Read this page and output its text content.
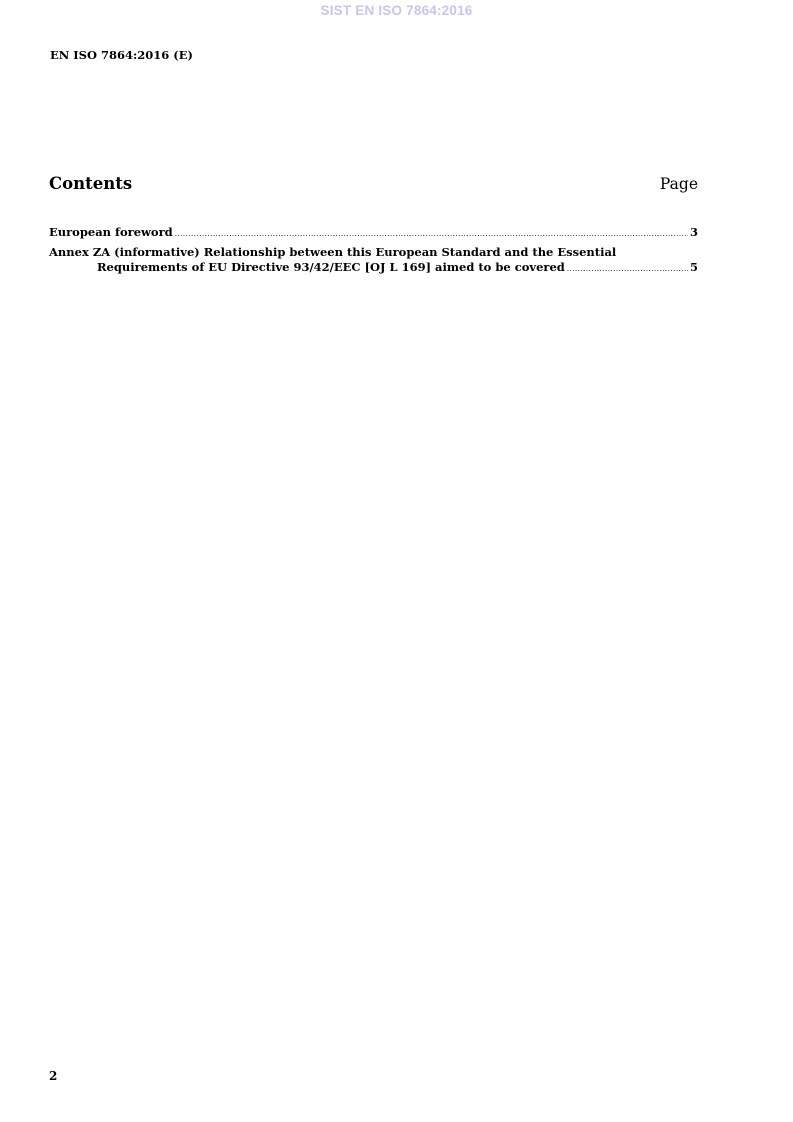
SIST EN ISO 7864:2016
EN ISO 7864:2016 (E)
Contents	Page
European foreword .....	3
Annex ZA (informative) Relationship between this European Standard and the Essential
Requirements of EU Directive 93/42/EEC [OJ L 169] aimed to be covered .....	5
2
